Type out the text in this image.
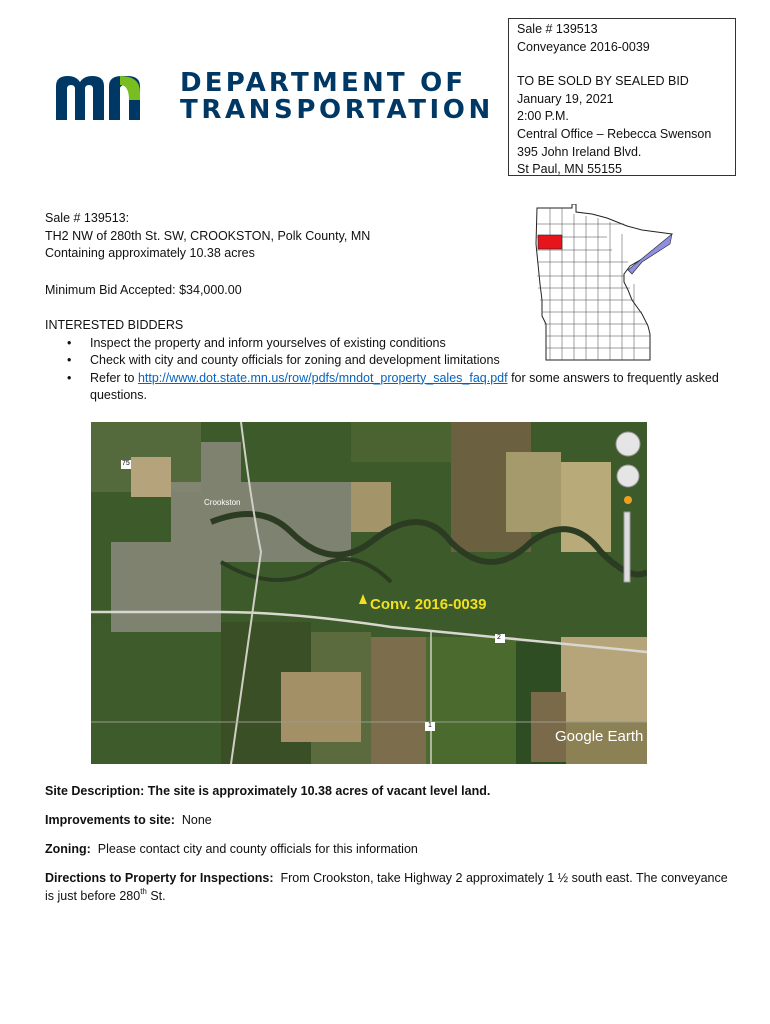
Sale # 139513
Conveyance 2016-0039
TO BE SOLD BY SEALED BID
January 19, 2021
2:00 P.M.
Central Office – Rebecca Swenson
395 John Ireland Blvd.
St Paul, MN 55155
DEPARTMENT OF
TRANSPORTATION
Sale # 139513:
TH2 NW of 280th St. SW, CROOKSTON, Polk County, MN
Containing approximately 10.38 acres
Minimum Bid Accepted: $34,000.00
INTERESTED BIDDERS
• Inspect the property and inform yourselves of existing conditions
• Check with city and county officials for zoning and development limitations
• Refer to http://www.dot.state.mn.us/row/pdfs/mndot_property_sales_faq.pdf for some answers to frequently asked questions.
Conv. 2016-0039
Crookston
75
2
1
Google Earth
Site Description: The site is approximately 10.38 acres of vacant level land.
Improvements to site: None
Zoning: Please contact city and county officials for this information
Directions to Property for Inspections: From Crookston, take Highway 2 approximately 1 ½ south east. The conveyance is just before 280th St.
